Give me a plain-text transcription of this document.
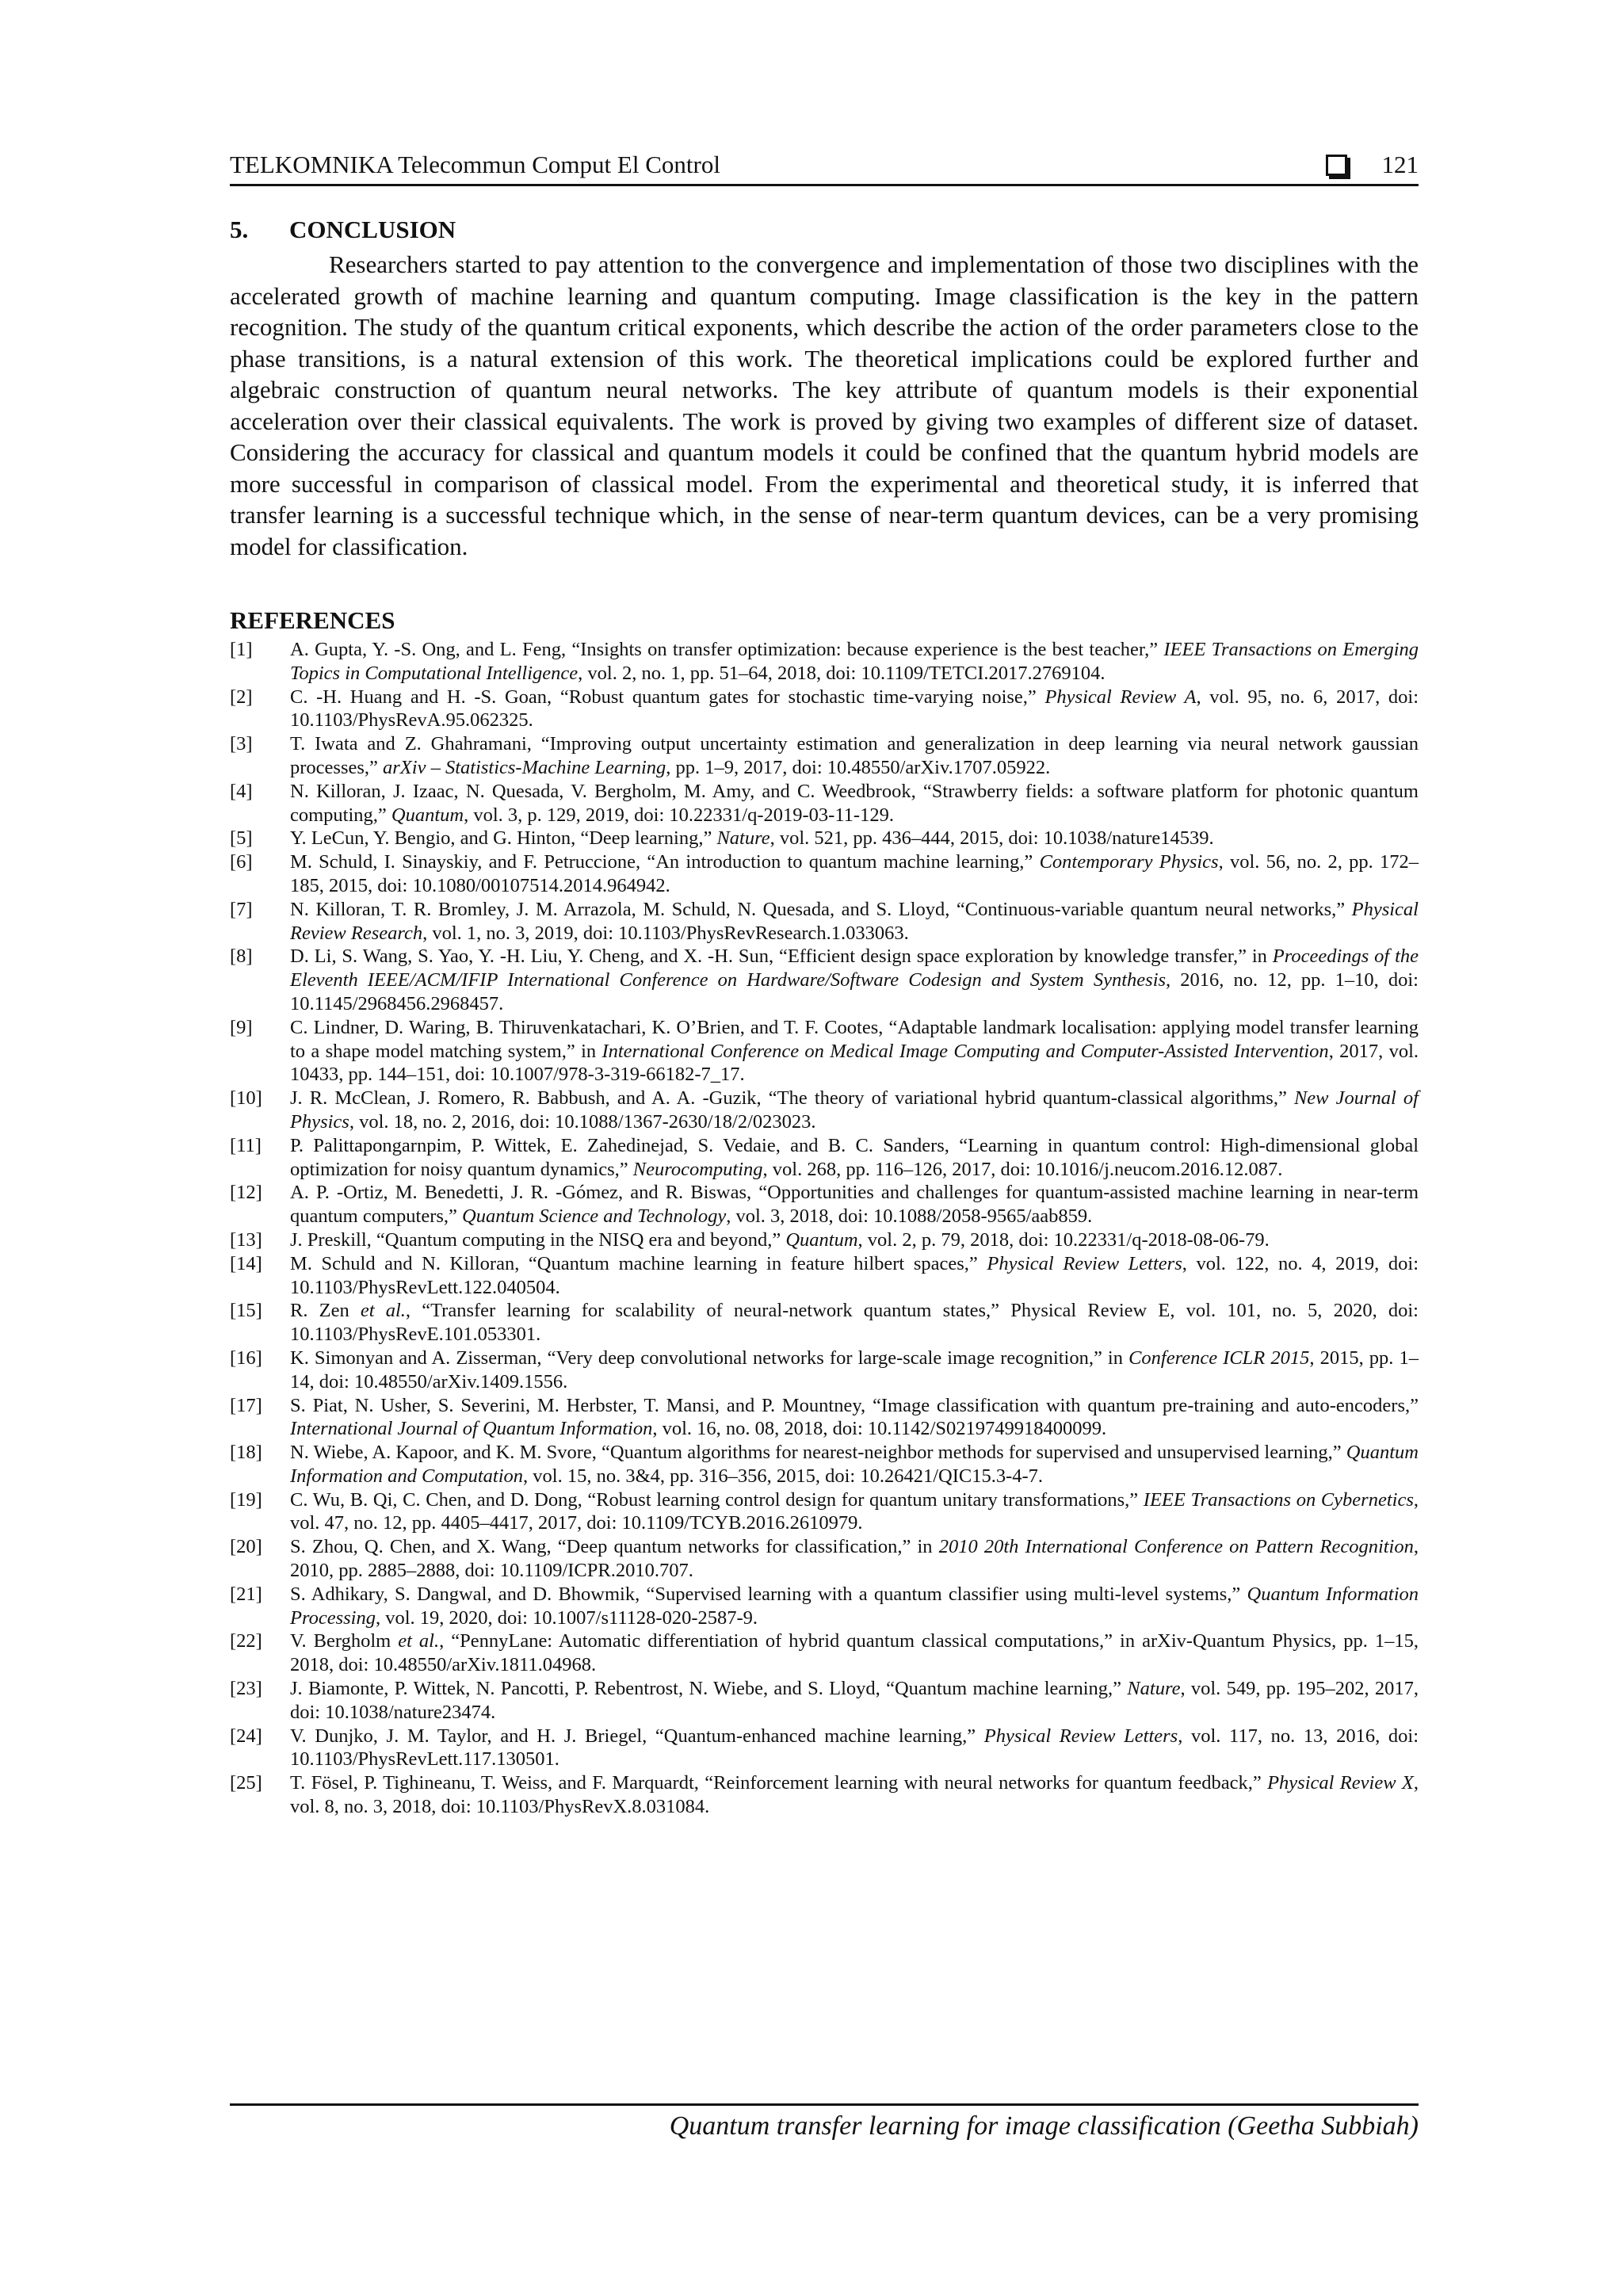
TELKOMNIKA Telecommun Comput El Control	121

5. CONCLUSION

Researchers started to pay attention to the convergence and implementation of those two disciplines with the accelerated growth of machine learning and quantum computing. Image classification is the key in the pattern recognition. The study of the quantum critical exponents, which describe the action of the order parameters close to the phase transitions, is a natural extension of this work. The theoretical implications could be explored further and algebraic construction of quantum neural networks. The key attribute of quantum models is their exponential acceleration over their classical equivalents. The work is proved by giving two examples of different size of dataset. Considering the accuracy for classical and quantum models it could be confined that the quantum hybrid models are more successful in comparison of classical model. From the experimental and theoretical study, it is inferred that transfer learning is a successful technique which, in the sense of near-term quantum devices, can be a very promising model for classification.

REFERENCES

[1]	A. Gupta, Y. -S. Ong, and L. Feng, “Insights on transfer optimization: because experience is the best teacher,” IEEE Transactions on Emerging Topics in Computational Intelligence, vol. 2, no. 1, pp. 51–64, 2018, doi: 10.1109/TETCI.2017.2769104.
[2]	C. -H. Huang and H. -S. Goan, “Robust quantum gates for stochastic time-varying noise,” Physical Review A, vol. 95, no. 6, 2017, doi: 10.1103/PhysRevA.95.062325.
[3]	T. Iwata and Z. Ghahramani, “Improving output uncertainty estimation and generalization in deep learning via neural network gaussian processes,” arXiv – Statistics-Machine Learning, pp. 1–9, 2017, doi: 10.48550/arXiv.1707.05922.
[4]	N. Killoran, J. Izaac, N. Quesada, V. Bergholm, M. Amy, and C. Weedbrook, “Strawberry fields: a software platform for photonic quantum computing,” Quantum, vol. 3, p. 129, 2019, doi: 10.22331/q-2019-03-11-129.
[5]	Y. LeCun, Y. Bengio, and G. Hinton, “Deep learning,” Nature, vol. 521, pp. 436–444, 2015, doi: 10.1038/nature14539.
[6]	M. Schuld, I. Sinayskiy, and F. Petruccione, “An introduction to quantum machine learning,” Contemporary Physics, vol. 56, no. 2, pp. 172–185, 2015, doi: 10.1080/00107514.2014.964942.
[7]	N. Killoran, T. R. Bromley, J. M. Arrazola, M. Schuld, N. Quesada, and S. Lloyd, “Continuous-variable quantum neural networks,” Physical Review Research, vol. 1, no. 3, 2019, doi: 10.1103/PhysRevResearch.1.033063.
[8]	D. Li, S. Wang, S. Yao, Y. -H. Liu, Y. Cheng, and X. -H. Sun, “Efficient design space exploration by knowledge transfer,” in Proceedings of the Eleventh IEEE/ACM/IFIP International Conference on Hardware/Software Codesign and System Synthesis, 2016, no. 12, pp. 1–10, doi: 10.1145/2968456.2968457.
[9]	C. Lindner, D. Waring, B. Thiruvenkatachari, K. O’Brien, and T. F. Cootes, “Adaptable landmark localisation: applying model transfer learning to a shape model matching system,” in International Conference on Medical Image Computing and Computer-Assisted Intervention, 2017, vol. 10433, pp. 144–151, doi: 10.1007/978-3-319-66182-7_17.
[10]	J. R. McClean, J. Romero, R. Babbush, and A. A. -Guzik, “The theory of variational hybrid quantum-classical algorithms,” New Journal of Physics, vol. 18, no. 2, 2016, doi: 10.1088/1367-2630/18/2/023023.
[11]	P. Palittapongarnpim, P. Wittek, E. Zahedinejad, S. Vedaie, and B. C. Sanders, “Learning in quantum control: High-dimensional global optimization for noisy quantum dynamics,” Neurocomputing, vol. 268, pp. 116–126, 2017, doi: 10.1016/j.neucom.2016.12.087.
[12]	A. P. -Ortiz, M. Benedetti, J. R. -Gómez, and R. Biswas, “Opportunities and challenges for quantum-assisted machine learning in near-term quantum computers,” Quantum Science and Technology, vol. 3, 2018, doi: 10.1088/2058-9565/aab859.
[13]	J. Preskill, “Quantum computing in the NISQ era and beyond,” Quantum, vol. 2, p. 79, 2018, doi: 10.22331/q-2018-08-06-79.
[14]	M. Schuld and N. Killoran, “Quantum machine learning in feature hilbert spaces,” Physical Review Letters, vol. 122, no. 4, 2019, doi: 10.1103/PhysRevLett.122.040504.
[15]	R. Zen et al., “Transfer learning for scalability of neural-network quantum states,” Physical Review E, vol. 101, no. 5, 2020, doi: 10.1103/PhysRevE.101.053301.
[16]	K. Simonyan and A. Zisserman, “Very deep convolutional networks for large-scale image recognition,” in Conference ICLR 2015, 2015, pp. 1–14, doi: 10.48550/arXiv.1409.1556.
[17]	S. Piat, N. Usher, S. Severini, M. Herbster, T. Mansi, and P. Mountney, “Image classification with quantum pre-training and auto-encoders,” International Journal of Quantum Information, vol. 16, no. 08, 2018, doi: 10.1142/S0219749918400099.
[18]	N. Wiebe, A. Kapoor, and K. M. Svore, “Quantum algorithms for nearest-neighbor methods for supervised and unsupervised learning,” Quantum Information and Computation, vol. 15, no. 3&4, pp. 316–356, 2015, doi: 10.26421/QIC15.3-4-7.
[19]	C. Wu, B. Qi, C. Chen, and D. Dong, “Robust learning control design for quantum unitary transformations,” IEEE Transactions on Cybernetics, vol. 47, no. 12, pp. 4405–4417, 2017, doi: 10.1109/TCYB.2016.2610979.
[20]	S. Zhou, Q. Chen, and X. Wang, “Deep quantum networks for classification,” in 2010 20th International Conference on Pattern Recognition, 2010, pp. 2885–2888, doi: 10.1109/ICPR.2010.707.
[21]	S. Adhikary, S. Dangwal, and D. Bhowmik, “Supervised learning with a quantum classifier using multi-level systems,” Quantum Information Processing, vol. 19, 2020, doi: 10.1007/s11128-020-2587-9.
[22]	V. Bergholm et al., “PennyLane: Automatic differentiation of hybrid quantum classical computations,” in arXiv-Quantum Physics, pp. 1–15, 2018, doi: 10.48550/arXiv.1811.04968.
[23]	J. Biamonte, P. Wittek, N. Pancotti, P. Rebentrost, N. Wiebe, and S. Lloyd, “Quantum machine learning,” Nature, vol. 549, pp. 195–202, 2017, doi: 10.1038/nature23474.
[24]	V. Dunjko, J. M. Taylor, and H. J. Briegel, “Quantum-enhanced machine learning,” Physical Review Letters, vol. 117, no. 13, 2016, doi: 10.1103/PhysRevLett.117.130501.
[25]	T. Fösel, P. Tighineanu, T. Weiss, and F. Marquardt, “Reinforcement learning with neural networks for quantum feedback,” Physical Review X, vol. 8, no. 3, 2018, doi: 10.1103/PhysRevX.8.031084.
Quantum transfer learning for image classification (Geetha Subbiah)
